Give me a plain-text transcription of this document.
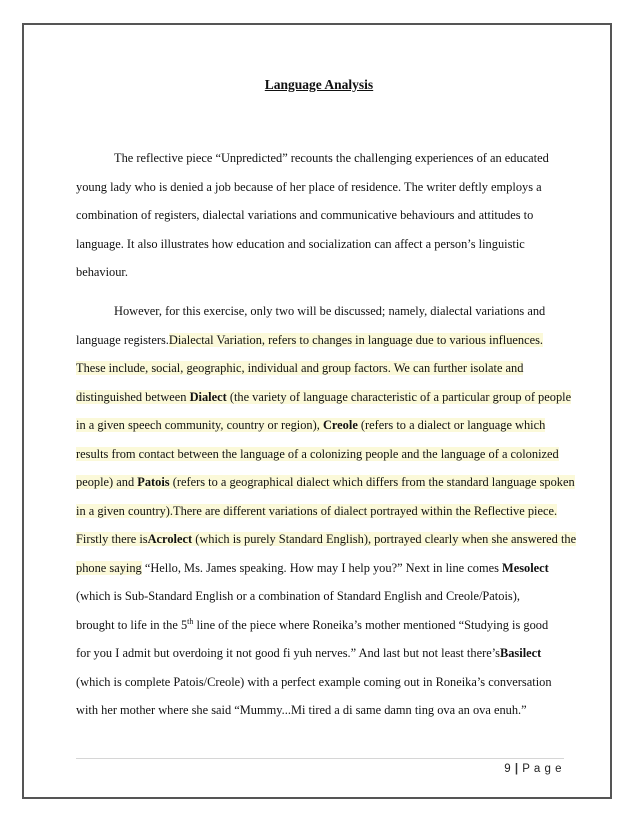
Language Analysis
The reflective piece “Unpredicted” recounts the challenging experiences of an educated
young lady who is denied a job because of her place of residence. The writer deftly employs a
combination of registers, dialectal variations and communicative behaviours and attitudes to
language. It also illustrates how education and socialization can affect a person’s linguistic
behaviour.
However, for this exercise, only two will be discussed; namely, dialectal variations and
language registers.Dialectal Variation, refers to changes in language due to various influences.
These include, social, geographic, individual and group factors. We can further isolate and
distinguished between Dialect (the variety of language characteristic of a particular group of people
in a given speech community, country or region), Creole (refers to a dialect or language which
results from contact between the language of a colonizing people and the language of a colonized
people) and Patois (refers to a geographical dialect which differs from the standard language spoken
in a given country).There are different variations of dialect portrayed within the Reflective piece.
Firstly there isAcrolect (which is purely Standard English), portrayed clearly when she answered the
phone saying “Hello, Ms. James speaking. How may I help you?” Next in line comes Mesolect
(which is Sub-Standard English or a combination of Standard English and Creole/Patois),
brought to life in the 5th line of the piece where Roneika’s mother mentioned “Studying is good
for you I admit but overdoing it not good fi yuh nerves.” And last but not least there’sBasilect
(which is complete Patois/Creole) with a perfect example coming out in Roneika’s conversation
with her mother where she said “Mummy...Mi tired a di same damn ting ova an ova enuh.”
9 | P a g e
